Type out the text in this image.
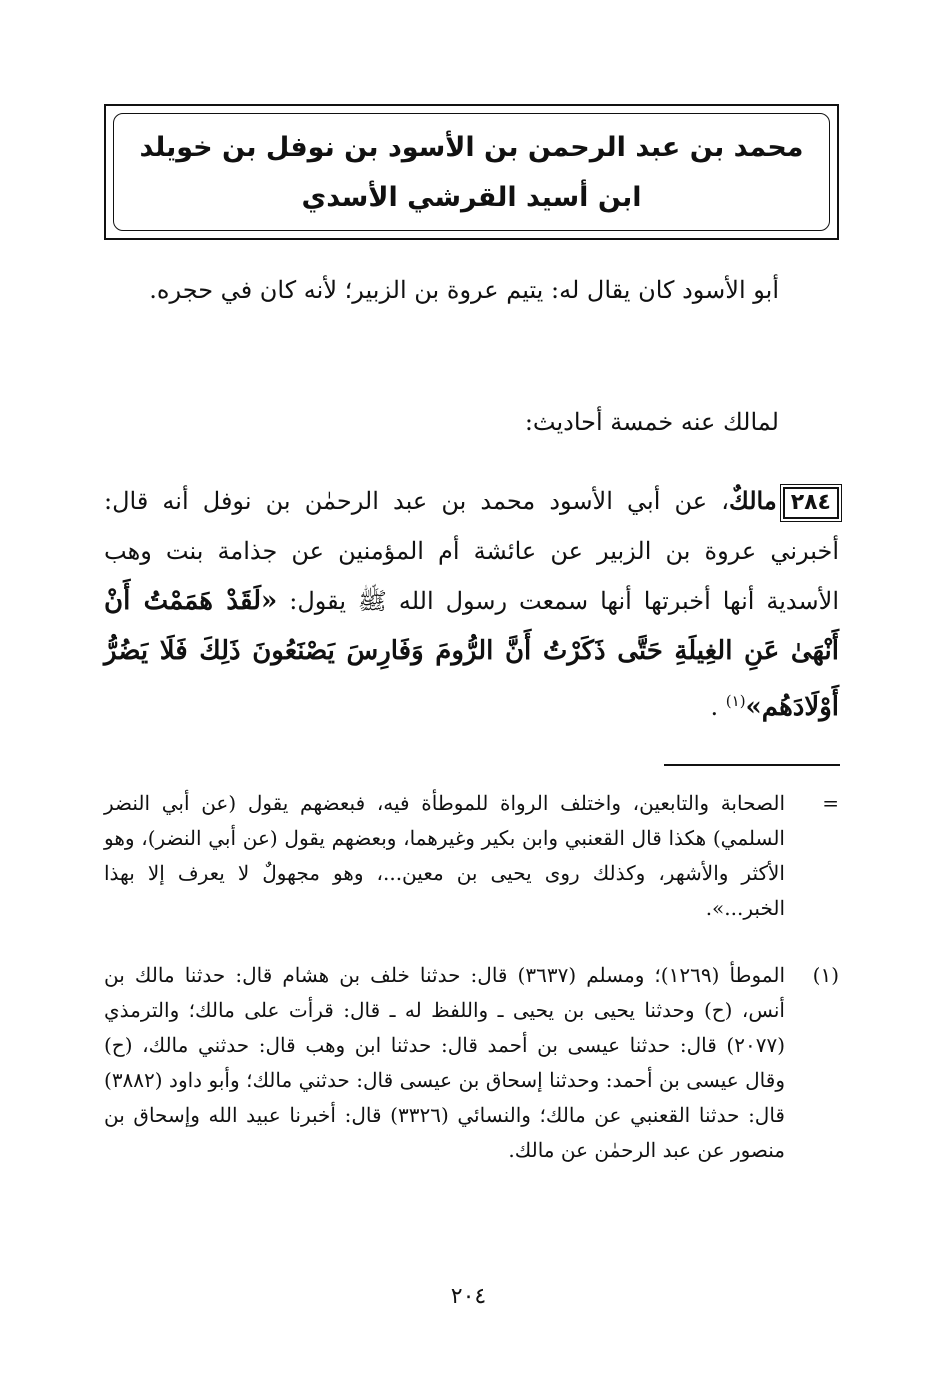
محمد بن عبد الرحمن بن الأسود بن نوفل بن خويلد
ابن أسيد القرشي الأسدي

أبو الأسود كان يقال له: يتيم عروة بن الزبير؛ لأنه كان في حجره.

لمالك عنه خمسة أحاديث:

٢٨٤مالكٌ، عن أبي الأسود محمد بن عبد الرحمٰن بن نوفل أنه قال: أخبرني عروة بن الزبير عن عائشة أم المؤمنين عن جذامة بنت وهب الأسدية أنها أخبرتها أنها سمعت رسول الله ﷺ يقول: «لَقَدْ هَمَمْتُ أَنْ أَنْهَىٰ عَنِ الغِيلَةِ حَتَّى ذَكَرْتُ أَنَّ الرُّومَ وَفَارِسَ يَصْنَعُونَ ذَلِكَ فَلَا يَضُرُّ أَوْلَادَهُم»$^{(١)}$ .

=
الصحابة والتابعين، واختلف الرواة للموطأة فيه، فبعضهم يقول (عن أبي النضر السلمي) هكذا قال القعنبي وابن بكير وغيرهما، وبعضهم يقول (عن أبي النضر)، وهو الأكثر والأشهر، وكذلك روى يحيى بن معين...، وهو مجهولٌ لا يعرف إلا بهذا الخبر...».
(١)
الموطأ (١٢٦٩)؛ ومسلم (٣٦٣٧) قال: حدثنا خلف بن هشام قال: حدثنا مالك بن أنس، (ح) وحدثنا يحيى بن يحيى ـ واللفظ له ـ قال: قرأت على مالك؛ والترمذي (٢٠٧٧) قال: حدثنا عيسى بن أحمد قال: حدثنا ابن وهب قال: حدثني مالك، (ح) وقال عيسى بن أحمد: وحدثنا إسحاق بن عيسى قال: حدثني مالك؛ وأبو داود (٣٨٨٢) قال: حدثنا القعنبي عن مالك؛ والنسائي (٣٣٢٦) قال: أخبرنا عبيد الله وإسحاق بن منصور عن عبد الرحمٰن عن مالك.
٢٠٤
